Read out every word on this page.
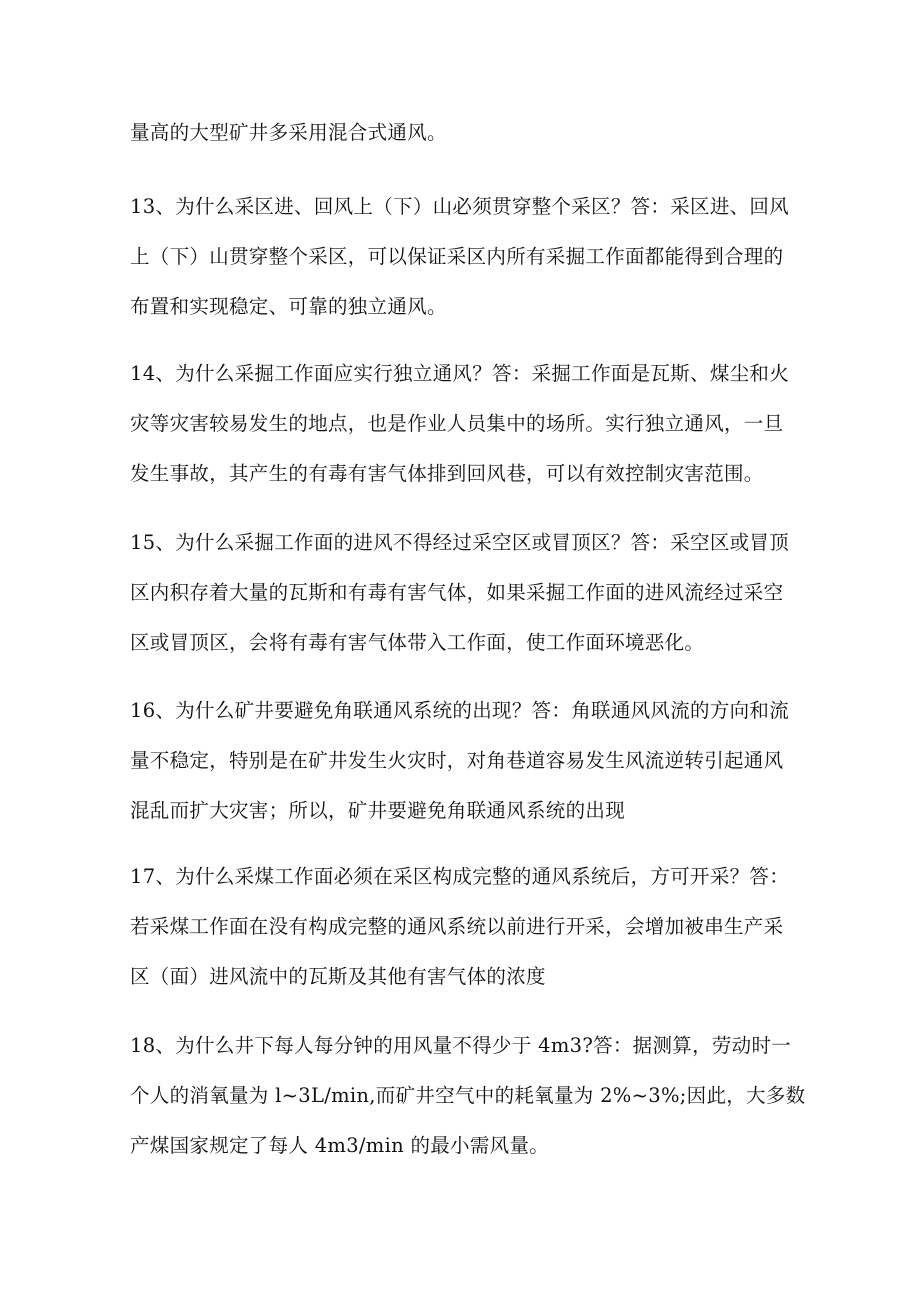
量高的大型矿井多采用混合式通风。
13、为什么采区进、回风上（下）山必须贯穿整个采区？答：采区进、回风
上（下）山贯穿整个采区，可以保证采区内所有采掘工作面都能得到合理的
布置和实现稳定、可靠的独立通风。
14、为什么采掘工作面应实行独立通风？答：采掘工作面是瓦斯、煤尘和火
灾等灾害较易发生的地点，也是作业人员集中的场所。实行独立通风，一旦
发生事故，其产生的有毒有害气体排到回风巷，可以有效控制灾害范围。
15、为什么采掘工作面的进风不得经过采空区或冒顶区？答：采空区或冒顶
区内积存着大量的瓦斯和有毒有害气体，如果采掘工作面的进风流经过采空
区或冒顶区，会将有毒有害气体带入工作面，使工作面环境恶化。
16、为什么矿井要避免角联通风系统的出现？答：角联通风风流的方向和流
量不稳定，特别是在矿井发生火灾时，对角巷道容易发生风流逆转引起通风
混乱而扩大灾害；所以，矿井要避免角联通风系统的出现
17、为什么采煤工作面必须在采区构成完整的通风系统后，方可开采？答：
若采煤工作面在没有构成完整的通风系统以前进行开采，会增加被串生产采
区（面）进风流中的瓦斯及其他有害气体的浓度
18、为什么井下每人每分钟的用风量不得少于 4m3?答：据测算，劳动时一
个人的消氧量为 l~3L/min,而矿井空气中的耗氧量为 2%~3%;因此，大多数
产煤国家规定了每人 4m3/min 的最小需风量。
